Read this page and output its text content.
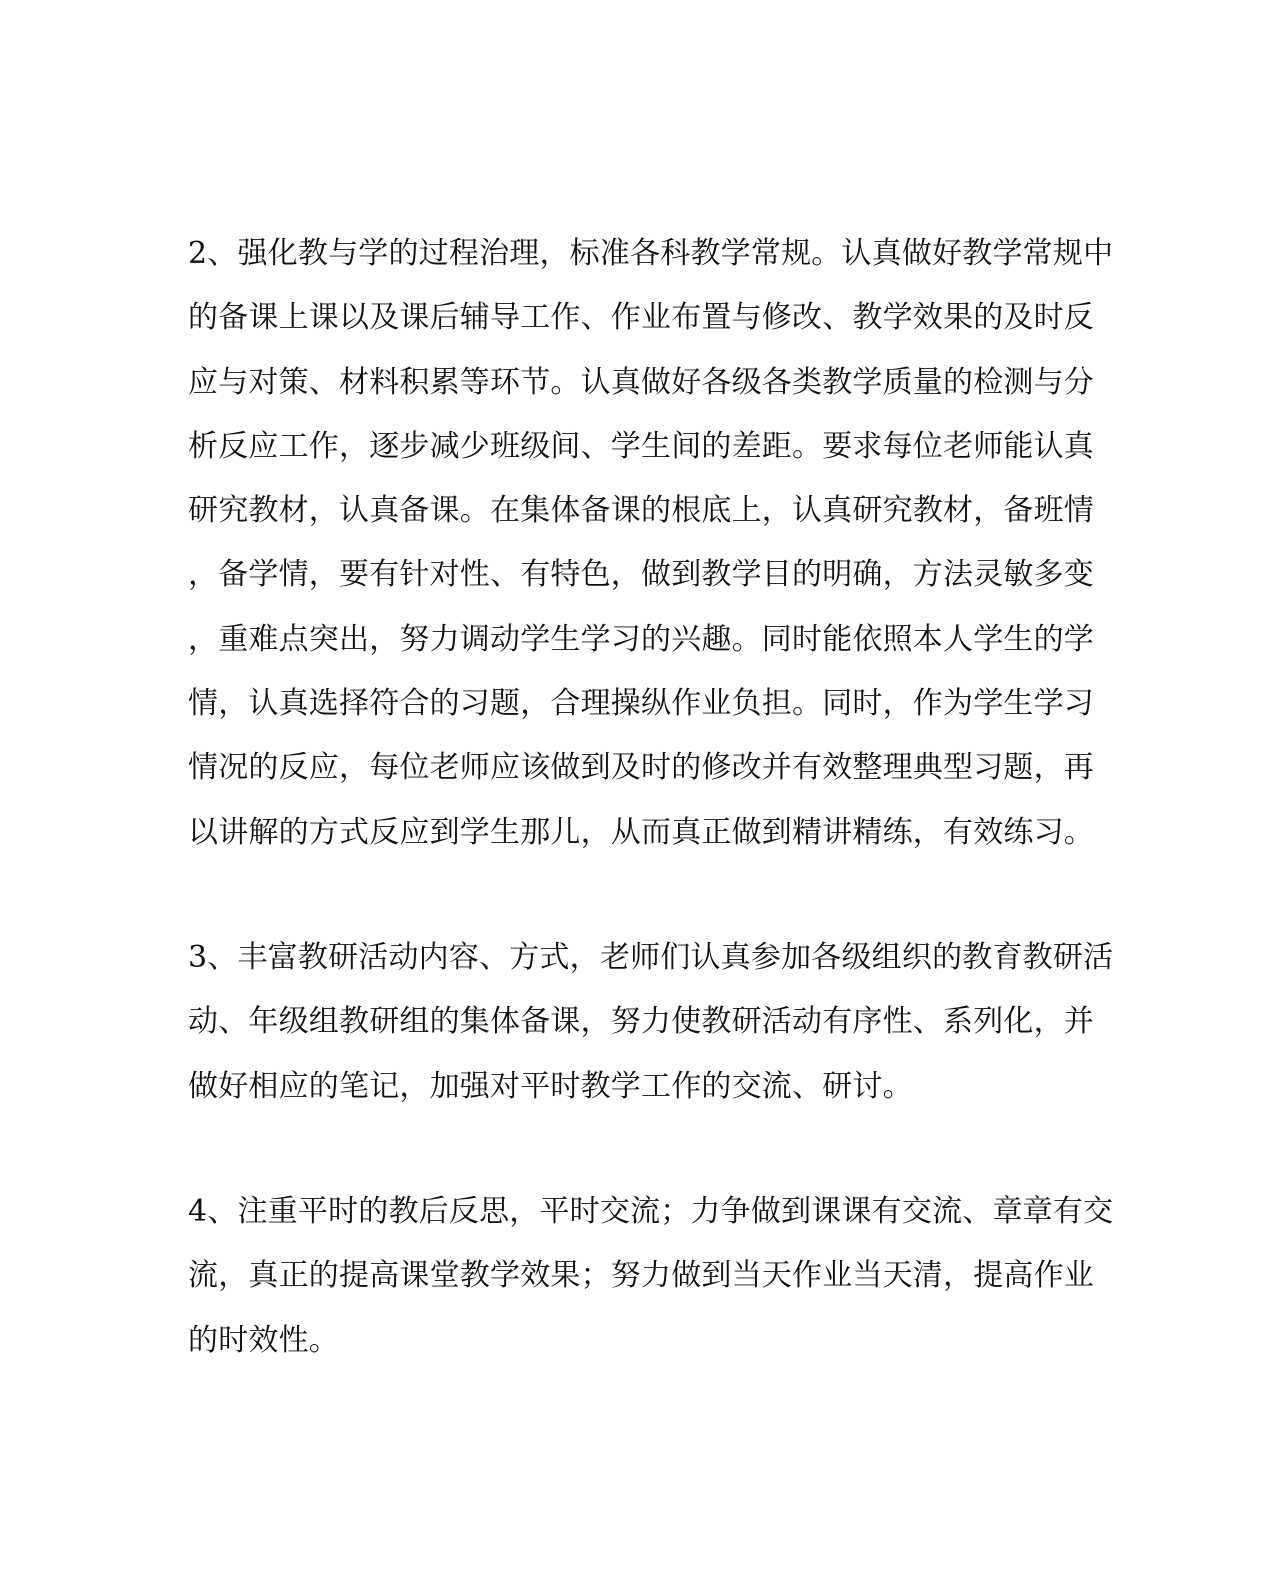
2、强化教与学的过程治理，标准各科教学常规。认真做好教学常规中
的备课上课以及课后辅导工作、作业布置与修改、教学效果的及时反
应与对策、材料积累等环节。认真做好各级各类教学质量的检测与分
析反应工作，逐步减少班级间、学生间的差距。要求每位老师能认真
研究教材，认真备课。在集体备课的根底上，认真研究教材，备班情
，备学情，要有针对性、有特色，做到教学目的明确，方法灵敏多变
，重难点突出，努力调动学生学习的兴趣。同时能依照本人学生的学
情，认真选择符合的习题，合理操纵作业负担。同时，作为学生学习
情况的反应，每位老师应该做到及时的修改并有效整理典型习题，再
以讲解的方式反应到学生那儿，从而真正做到精讲精练，有效练习。
3、丰富教研活动内容、方式，老师们认真参加各级组织的教育教研活
动、年级组教研组的集体备课，努力使教研活动有序性、系列化，并
做好相应的笔记，加强对平时教学工作的交流、研讨。
4、注重平时的教后反思，平时交流；力争做到课课有交流、章章有交
流，真正的提高课堂教学效果；努力做到当天作业当天清，提高作业
的时效性。
